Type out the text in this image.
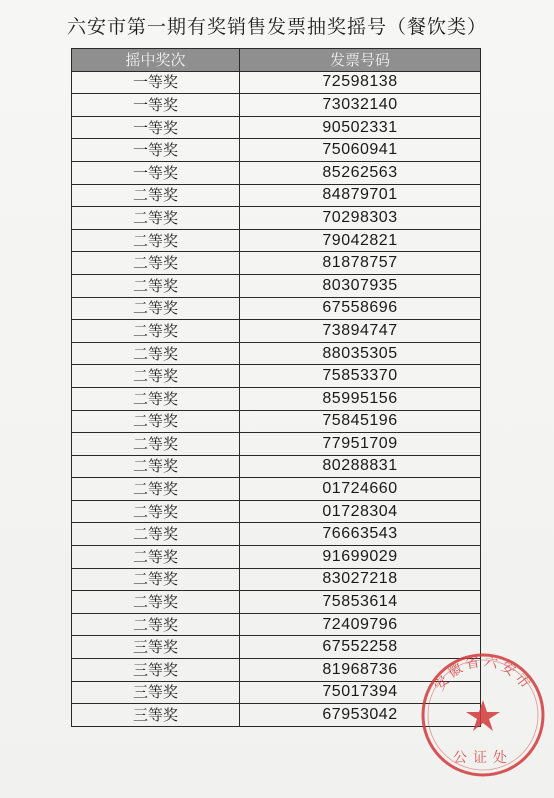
六安市第一期有奖销售发票抽奖摇号（餐饮类）
摇中奖次	发票号码
一等奖	72598138
一等奖	73032140
一等奖	90502331
一等奖	75060941
一等奖	85262563
二等奖	84879701
二等奖	70298303
二等奖	79042821
二等奖	81878757
二等奖	80307935
二等奖	67558696
二等奖	73894747
二等奖	88035305
二等奖	75853370
二等奖	85995156
二等奖	75845196
二等奖	77951709
二等奖	80288831
二等奖	01724660
二等奖	01728304
二等奖	76663543
二等奖	91699029
二等奖	83027218
二等奖	75853614
二等奖	72409796
三等奖	67552258
三等奖	81968736
三等奖	75017394
三等奖	67953042
安徽省六安市
公证处
